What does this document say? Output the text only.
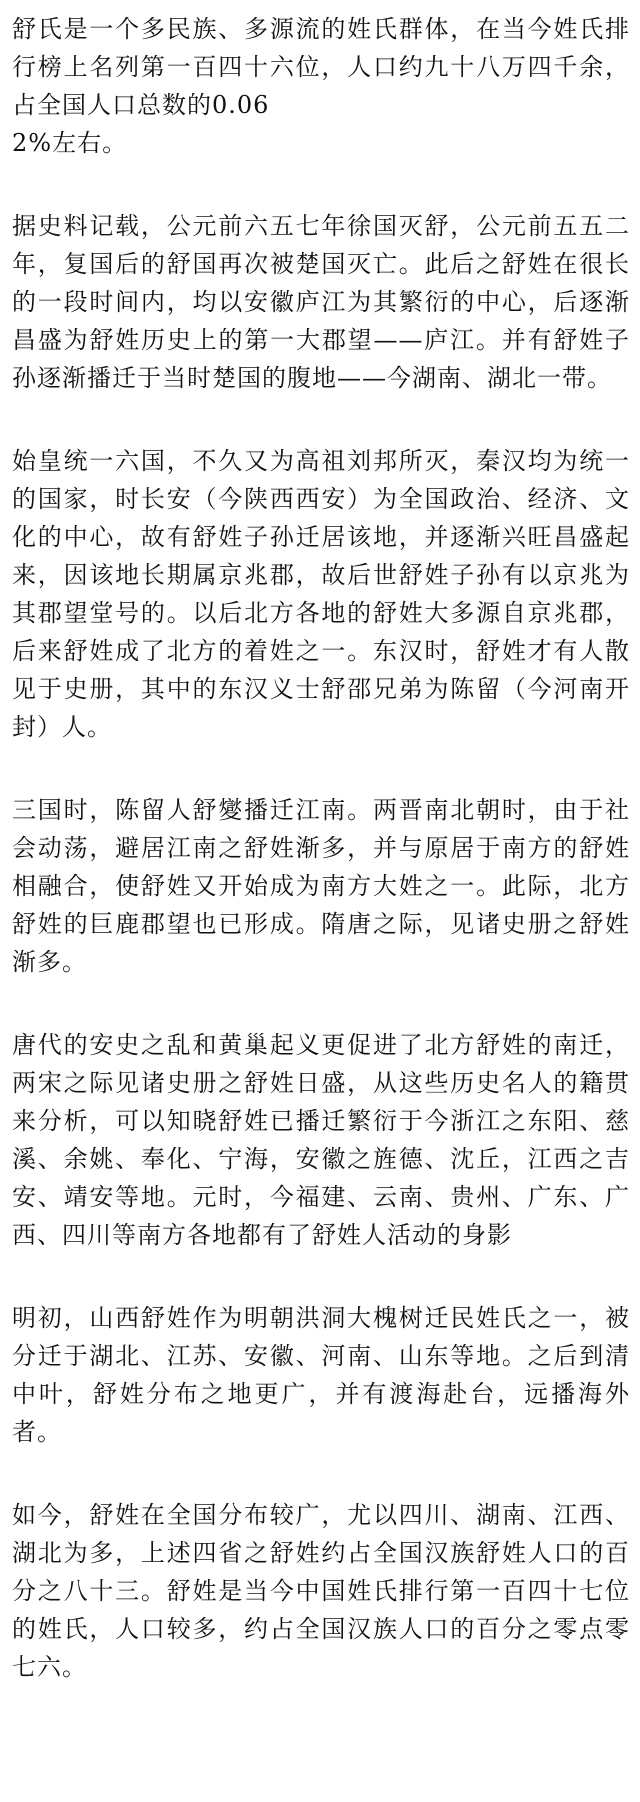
舒氏是一个多民族、多源流的姓氏群体，在当今姓氏排行榜上名列第一百四十六位，人口约九十八万四千余，占全国人口总数的0.06
2%左右。

据史料记载，公元前六五七年徐国灭舒，公元前五五二年，复国后的舒国再次被楚国灭亡。此后之舒姓在很长的一段时间内，均以安徽庐江为其繁衍的中心，后逐渐昌盛为舒姓历史上的第一大郡望——庐江。并有舒姓子孙逐渐播迁于当时楚国的腹地——今湖南、湖北一带。

始皇统一六国，不久又为高祖刘邦所灭，秦汉均为统一的国家，时长安（今陕西西安）为全国政治、经济、文化的中心，故有舒姓子孙迁居该地，并逐渐兴旺昌盛起来，因该地长期属京兆郡，故后世舒姓子孙有以京兆为其郡望堂号的。以后北方各地的舒姓大多源自京兆郡，后来舒姓成了北方的着姓之一。东汉时，舒姓才有人散见于史册，其中的东汉义士舒邵兄弟为陈留（今河南开封）人。

三国时，陈留人舒夑播迁江南。两晋南北朝时，由于社会动荡，避居江南之舒姓渐多，并与原居于南方的舒姓相融合，使舒姓又开始成为南方大姓之一。此际，北方舒姓的巨鹿郡望也已形成。隋唐之际，见诸史册之舒姓渐多。

唐代的安史之乱和黄巢起义更促进了北方舒姓的南迁，两宋之际见诸史册之舒姓日盛，从这些历史名人的籍贯来分析，可以知晓舒姓已播迁繁衍于今浙江之东阳、慈溪、余姚、奉化、宁海，安徽之旌德、沈丘，江西之吉安、靖安等地。元时，今福建、云南、贵州、广东、广西、四川等南方各地都有了舒姓人活动的身影

明初，山西舒姓作为明朝洪洞大槐树迁民姓氏之一，被分迁于湖北、江苏、安徽、河南、山东等地。之后到清中叶，舒姓分布之地更广，并有渡海赴台，远播海外者。

如今，舒姓在全国分布较广，尤以四川、湖南、江西、湖北为多，上述四省之舒姓约占全国汉族舒姓人口的百分之八十三。舒姓是当今中国姓氏排行第一百四十七位的姓氏，人口较多，约占全国汉族人口的百分之零点零七六。
